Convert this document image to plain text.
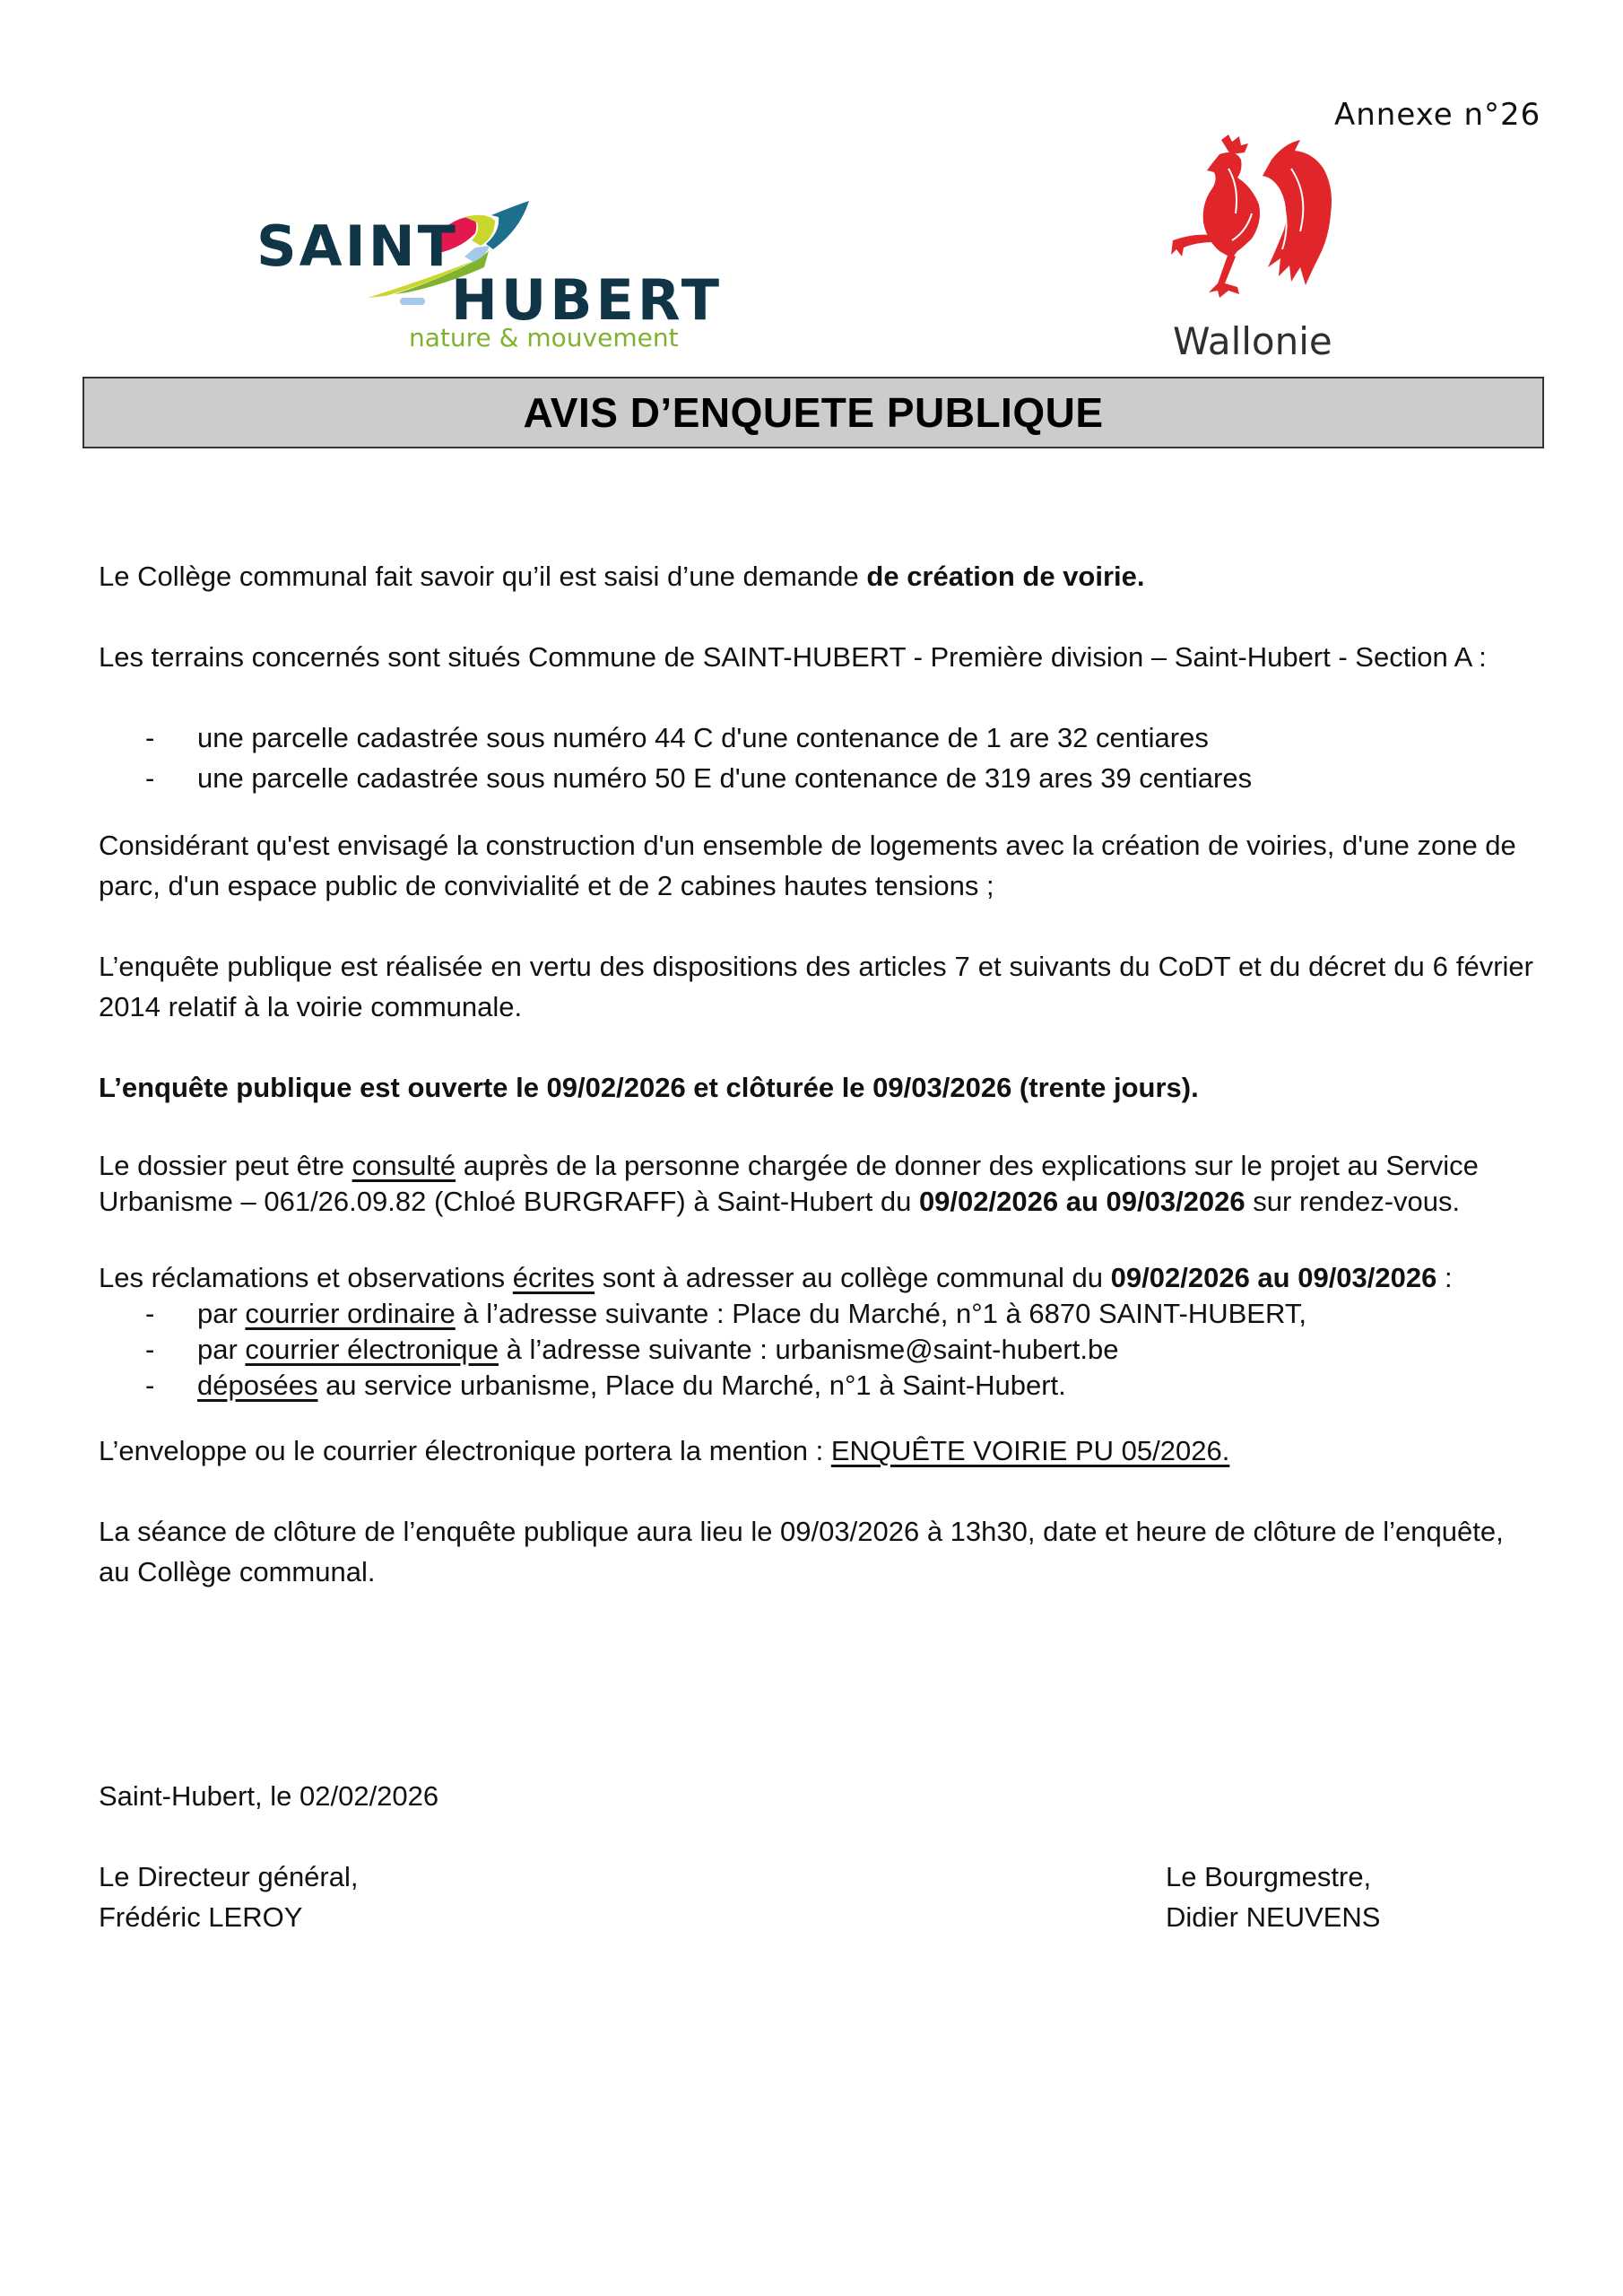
Annexe n°26
SAINT
HUBERT
nature & mouvement	Wallonie
AVIS D’ENQUETE PUBLIQUE

Le Collège communal fait savoir qu’il est saisi d’une demande de création de voirie.

Les terrains concernés sont situés Commune de SAINT-HUBERT - Première division – Saint-Hubert - Section A :

- une parcelle cadastrée sous numéro 44 C d'une contenance de 1 are 32 centiares
- une parcelle cadastrée sous numéro 50 E d'une contenance de 319 ares 39 centiares

Considérant qu'est envisagé la construction d'un ensemble de logements avec la création de voiries, d'une zone de parc, d'un espace public de convivialité et de 2 cabines hautes tensions ;

L’enquête publique est réalisée en vertu des dispositions des articles 7 et suivants du CoDT et du décret du 6 février 2014 relatif à la voirie communale.

L’enquête publique est ouverte le 09/02/2026 et clôturée le 09/03/2026 (trente jours).

Le dossier peut être consulté auprès de la personne chargée de donner des explications sur le projet au Service Urbanisme – 061/26.09.82 (Chloé BURGRAFF) à Saint-Hubert du 09/02/2026 au 09/03/2026 sur rendez-vous.

Les réclamations et observations écrites sont à adresser au collège communal du 09/02/2026 au 09/03/2026 :

- par courrier ordinaire à l’adresse suivante : Place du Marché, n°1 à 6870 SAINT-HUBERT,
- par courrier électronique à l’adresse suivante : urbanisme@saint-hubert.be
- déposées au service urbanisme, Place du Marché, n°1 à Saint-Hubert.

L’enveloppe ou le courrier électronique portera la mention : ENQUÊTE VOIRIE PU 05/2026.

La séance de clôture de l’enquête publique aura lieu le 09/03/2026 à 13h30, date et heure de clôture de l’enquête, au Collège communal.

Saint-Hubert, le 02/02/2026
Le Directeur général,
Frédéric LEROY
Le Bourgmestre,
Didier NEUVENS
